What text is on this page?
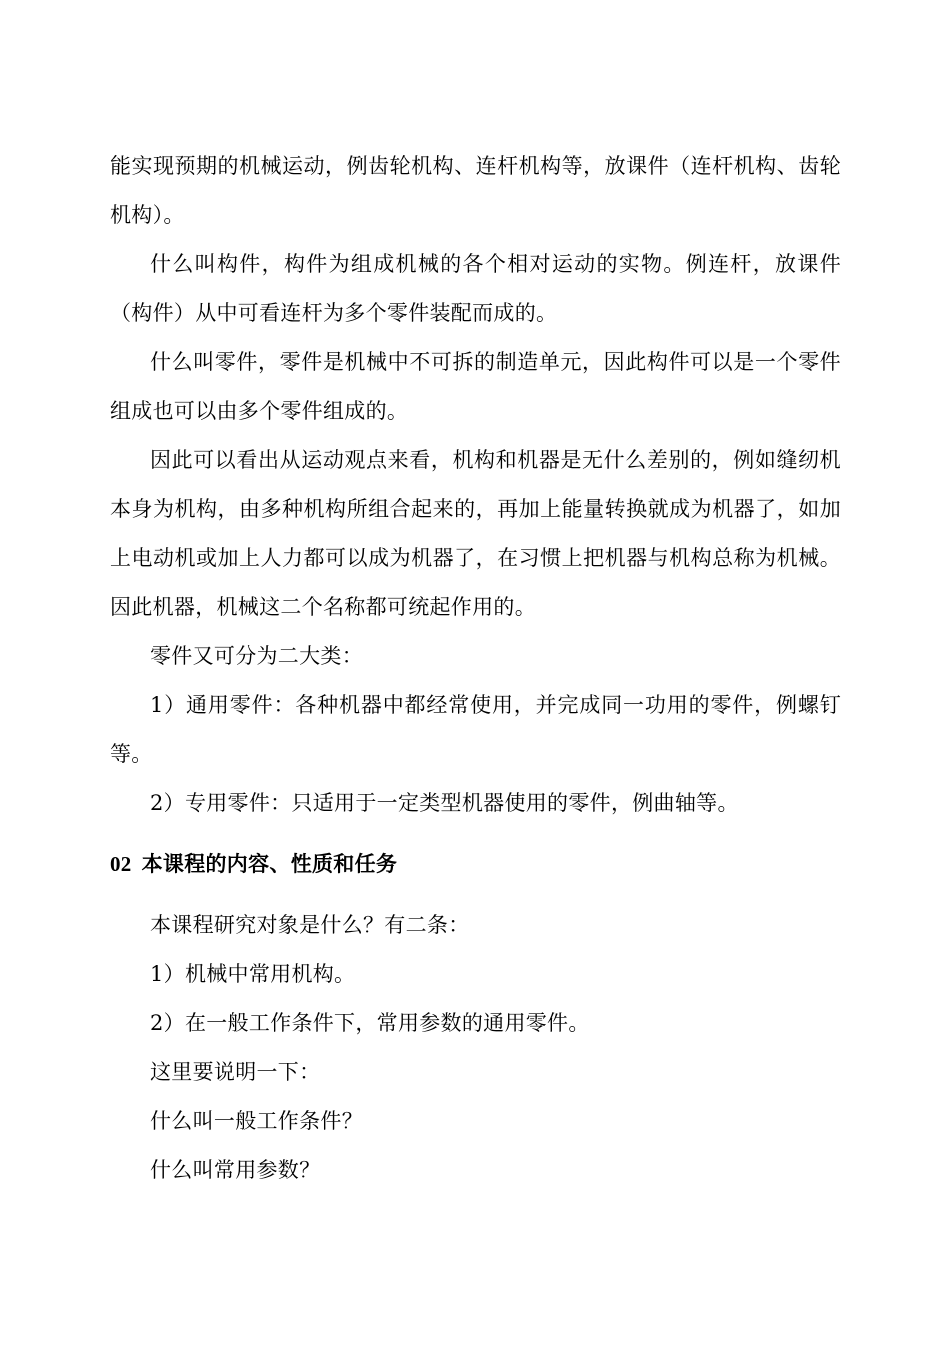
能实现预期的机械运动，例齿轮机构、连杆机构等，放课件（连杆机构、齿轮机构）。

什么叫构件，构件为组成机械的各个相对运动的实物。例连杆，放课件（构件）从中可看连杆为多个零件装配而成的。

什么叫零件，零件是机械中不可拆的制造单元，因此构件可以是一个零件组成也可以由多个零件组成的。

因此可以看出从运动观点来看，机构和机器是无什么差别的，例如缝纫机本身为机构，由多种机构所组合起来的，再加上能量转换就成为机器了，如加上电动机或加上人力都可以成为机器了，在习惯上把机器与机构总称为机械。因此机器，机械这二个名称都可统起作用的。

零件又可分为二大类：

1）通用零件：各种机器中都经常使用，并完成同一功用的零件，例螺钉等。

2）专用零件：只适用于一定类型机器使用的零件，例曲轴等。

02 本课程的内容、性质和任务

本课程研究对象是什么？有二条：

1）机械中常用机构。

2）在一般工作条件下，常用参数的通用零件。

这里要说明一下：

什么叫一般工作条件？

什么叫常用参数？
